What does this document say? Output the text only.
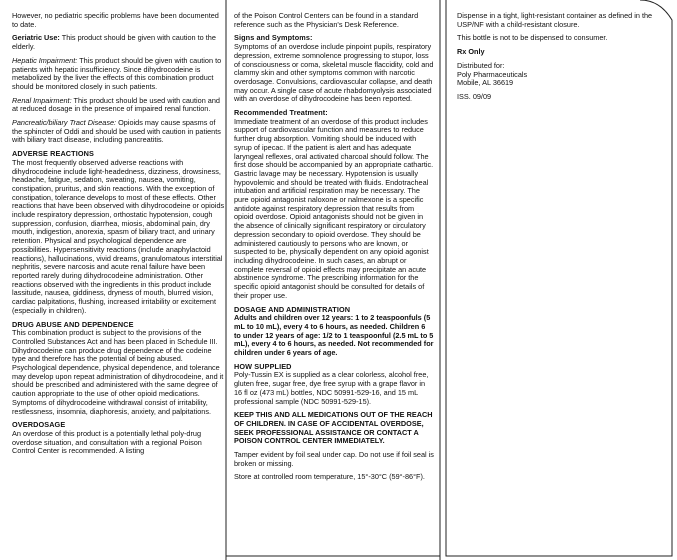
However, no pediatric specific problems have been documented to date.

Geriatric Use: This product should be given with caution to the elderly.

Hepatic Impairment: This product should be given with caution to patients with hepatic insufficiency. Since dihydrocodeine is metabolized by the liver the effects of this combination product should be monitored closely in such patients.

Renal Impairment: This product should be used with caution and at reduced dosage in the presence of impaired renal function.

Pancreatic/biliary Tract Disease: Opioids may cause spasms of the sphincter of Oddi and should be used with caution in patients with biliary tract disease, including pancreatitis.

ADVERSE REACTIONS

The most frequently observed adverse reactions with dihydrocodeine include light-headedness, dizziness, drowsiness, headache, fatigue, sedation, sweating, nausea, vomiting, constipation, pruritus, and skin reactions. With the exception of constipation, tolerance develops to most of these effects. Other reactions that have been observed with dihydrocodeine or opioids include respiratory depression, orthostatic hypotension, cough suppression, confusion, diarrhea, miosis, abdominal pain, dry mouth, indigestion, anorexia, spasm of biliary tract, and urinary retention. Physical and psychological dependence are possibilities. Hypersensitivity reactions (include anaphylactoid reactions), hallucinations, vivid dreams, granulomatous interstitial nephritis, severe narcosis and acute renal failure have been reported rarely during dihydrocodeine administration. Other reactions observed with the ingredients in this product include lassitude, nausea, giddiness, dryness of mouth, blurred vision, cardiac palpitations, flushing, increased irritability or excitement (especially in children).

DRUG ABUSE AND DEPENDENCE

This combination product is subject to the provisions of the Controlled Substances Act and has been placed in Schedule III. Dihydrocodeine can produce drug dependence of the codeine type and therefore has the potential of being abused. Psychological dependence, physical dependence, and tolerance may develop upon repeat administration of dihydrocodeine, and it should be prescribed and administered with the same degree of caution appropriate to the use of other opioid medications. Symptoms of dihydrocodeine withdrawal consist of irritability, restlessness, insomnia, diaphoresis, anxiety, and palpitations.

OVERDOSAGE

An overdose of this product is a potentially lethal poly-drug overdose situation, and consultation with a regional Poison Control Center is recommended. A listing

of the Poison Control Centers can be found in a standard reference such as the Physician's Desk Reference.

Signs and Symptoms:

Symptoms of an overdose include pinpoint pupils, respiratory depression, extreme somnolence progressing to stupor, loss of consciousness or coma, skeletal muscle flaccidity, cold and clammy skin and other symptoms common with narcotic overdosage. Convulsions, cardiovascular collapse, and death may occur. A single case of acute rhabdomyolysis associated with an overdose of dihydrocodeine has been reported.

Recommended Treatment:

Immediate treatment of an overdose of this product includes support of cardiovascular function and measures to reduce further drug absorption. Vomiting should be induced with syrup of ipecac. If the patient is alert and has adequate laryngeal reflexes, oral activated charcoal should follow. The first dose should be accompanied by an appropriate cathartic. Gastric lavage may be necessary. Hypotension is usually hypovolemic and should be treated with fluids. Endotracheal intubation and artificial respiration may be necessary. The pure opioid antagonist naloxone or nalmexone is a specific antidote against respiratory depression that results from opioid overdose. Opioid antagonists should not be given in the absence of clinically significant respiratory or circulatory depression secondary to opioid overdose. They should be administered cautiously to persons who are known, or suspected to be, physically dependent on any opioid agonist including dihydrocodeine. In such cases, an abrupt or complete reversal of opioid effects may precipitate an acute abstinence syndrome. The prescribing information for the specific opioid antagonist should be consulted for details of their proper use.

DOSAGE AND ADMINISTRATION

Adults and children over 12 years: 1 to 2 teaspoonfuls (5 mL to 10 mL), every 4 to 6 hours, as needed. Children 6 to under 12 years of age: 1/2 to 1 teaspoonful (2.5 mL to 5 mL), every 4 to 6 hours, as needed. Not recommended for children under 6 years of age.

HOW SUPPLIED

Poly-Tussin EX is supplied as a clear colorless, alcohol free, gluten free, sugar free, dye free syrup with a grape flavor in 16 fl oz (473 mL) bottles, NDC 50991-529-16, and 15 mL professional sample (NDC 50991-529-15).

KEEP THIS AND ALL MEDICATIONS OUT OF THE REACH OF CHILDREN. IN CASE OF ACCIDENTAL OVERDOSE, SEEK PROFESSIONAL ASSISTANCE OR CONTACT A POISON CONTROL CENTER IMMEDIATELY.

Tamper evident by foil seal under cap. Do not use if foil seal is broken or missing.

Store at controlled room temperature, 15°-30°C (59°-86°F).

Dispense in a tight, light-resistant container as defined in the USP/NF with a child-resistant closure.

This bottle is not to be dispensed to consumer.

Rx Only

Distributed for:
Poly Pharmaceuticals
Mobile, AL 36619

ISS. 09/09
